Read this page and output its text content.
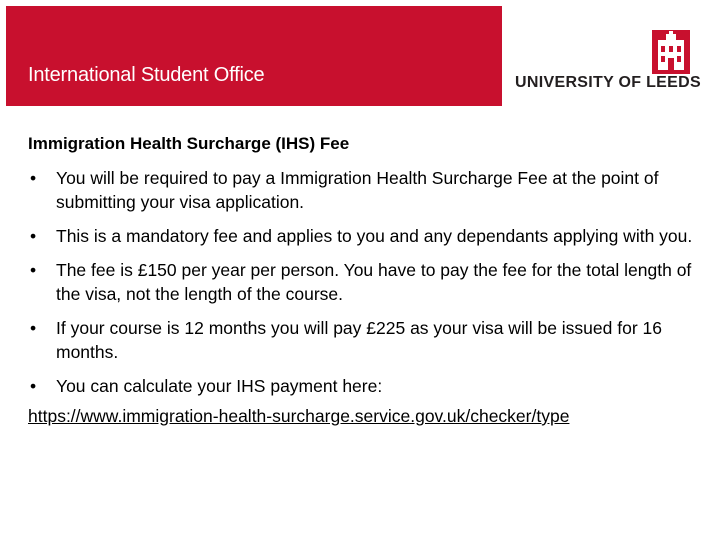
International Student Office	UNIVERSITY OF LEEDS
Immigration Health Surcharge (IHS) Fee
• You will be required to pay a Immigration Health Surcharge Fee at the point of submitting your visa application.
• This is a mandatory fee and applies to you and any dependants applying with you.
• The fee is £150 per year per person. You have to pay the fee for the total length of the visa, not the length of the course.
• If your course is 12 months you will pay £225 as your visa will be issued for 16 months.
• You can calculate your IHS payment here:
https://www.immigration-health-surcharge.service.gov.uk/checker/type
